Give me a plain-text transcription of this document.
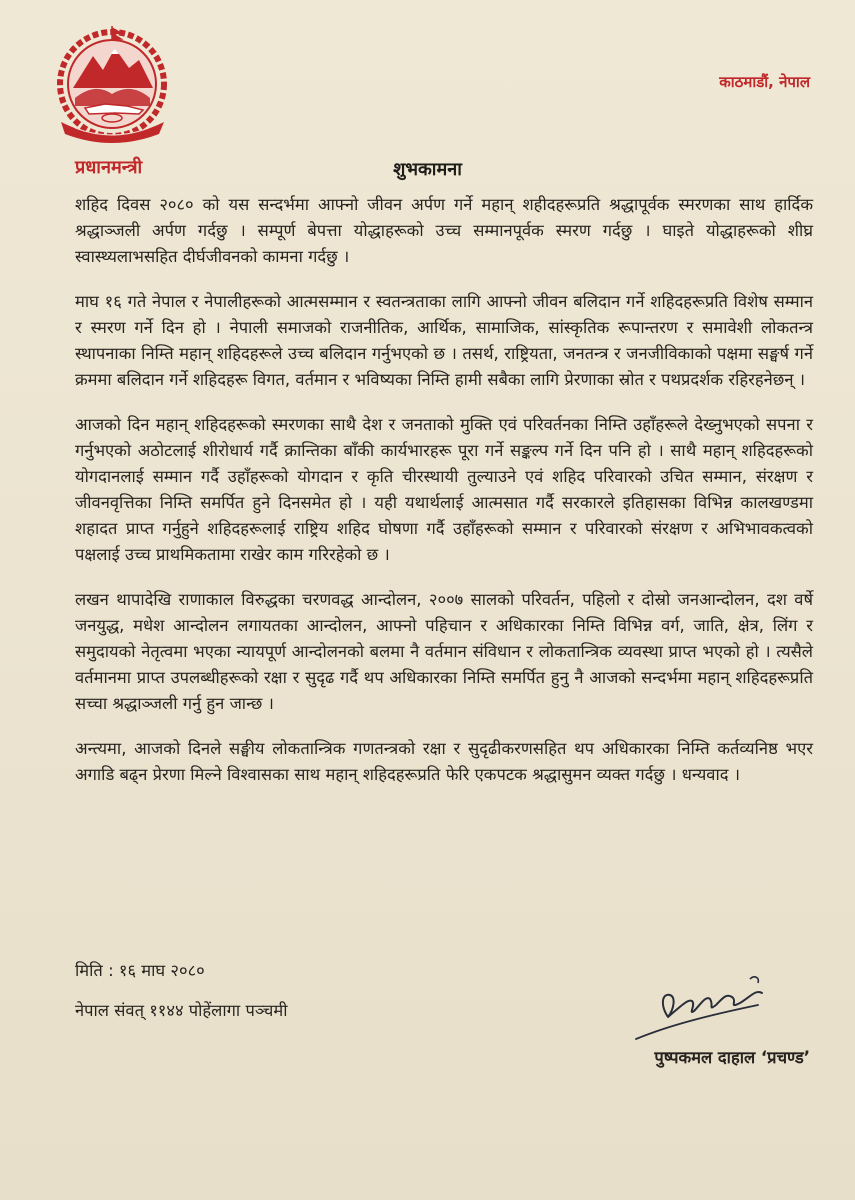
काठमाडौं, नेपाल
प्रधानमन्त्री	शुभकामना

शहिद दिवस २०८० को यस सन्दर्भमा आफ्नो जीवन अर्पण गर्ने महान् शहीदहरूप्रति श्रद्धापूर्वक स्मरणका साथ हार्दिक श्रद्धाञ्जली अर्पण गर्दछु । सम्पूर्ण बेपत्ता योद्धाहरूको उच्च सम्मानपूर्वक स्मरण गर्दछु । घाइते योद्धाहरूको शीघ्र स्वास्थ्यलाभसहित दीर्घजीवनको कामना गर्दछु ।

माघ १६ गते नेपाल र नेपालीहरूको आत्मसम्मान र स्वतन्त्रताका लागि आफ्नो जीवन बलिदान गर्ने शहिदहरूप्रति विशेष सम्मान र स्मरण गर्ने दिन हो । नेपाली समाजको राजनीतिक, आर्थिक, सामाजिक, सांस्कृतिक रूपान्तरण र समावेशी लोकतन्त्र स्थापनाका निम्ति महान् शहिदहरूले उच्च बलिदान गर्नुभएको छ । तसर्थ, राष्ट्रियता, जनतन्त्र र जनजीविकाको पक्षमा सङ्घर्ष गर्ने क्रममा बलिदान गर्ने शहिदहरू विगत, वर्तमान र भविष्यका निम्ति हामी सबैका लागि प्रेरणाका स्रोत र पथप्रदर्शक रहिरहनेछन् ।

आजको दिन महान् शहिदहरूको स्मरणका साथै देश र जनताको मुक्ति एवं परिवर्तनका निम्ति उहाँहरूले देख्नुभएको सपना र गर्नुभएको अठोटलाई शीरोधार्य गर्दै क्रान्तिका बाँकी कार्यभारहरू पूरा गर्ने सङ्कल्प गर्ने दिन पनि हो । साथै महान् शहिदहरूको योगदानलाई सम्मान गर्दै उहाँहरूको योगदान र कृति चीरस्थायी तुल्याउने एवं शहिद परिवारको उचित सम्मान, संरक्षण र जीवनवृत्तिका निम्ति समर्पित हुने दिनसमेत हो । यही यथार्थलाई आत्मसात गर्दै सरकारले इतिहासका विभिन्न कालखण्डमा शहादत प्राप्त गर्नुहुने शहिदहरूलाई राष्ट्रिय शहिद घोषणा गर्दै उहाँहरूको सम्मान र परिवारको संरक्षण र अभिभावकत्वको पक्षलाई उच्च प्राथमिकतामा राखेर काम गरिरहेको छ ।

लखन थापादेखि राणाकाल विरुद्धका चरणवद्ध आन्दोलन, २००७ सालको परिवर्तन, पहिलो र दोस्रो जनआन्दोलन, दश वर्षे जनयुद्ध, मधेश आन्दोलन लगायतका आन्दोलन, आफ्नो पहिचान र अधिकारका निम्ति विभिन्न वर्ग, जाति, क्षेत्र, लिंग र समुदायको नेतृत्वमा भएका न्यायपूर्ण आन्दोलनको बलमा नै वर्तमान संविधान र लोकतान्त्रिक व्यवस्था प्राप्त भएको हो । त्यसैले वर्तमानमा प्राप्त उपलब्धीहरूको रक्षा र सुदृढ गर्दै थप अधिकारका निम्ति समर्पित हुनु नै आजको सन्दर्भमा महान् शहिदहरूप्रति सच्चा श्रद्धाञ्जली गर्नु हुन जान्छ ।

अन्त्यमा, आजको दिनले सङ्घीय लोकतान्त्रिक गणतन्त्रको रक्षा र सुदृढीकरणसहित थप अधिकारका निम्ति कर्तव्यनिष्ठ भएर अगाडि बढ्न प्रेरणा मिल्ने विश्वासका साथ महान् शहिदहरूप्रति फेरि एकपटक श्रद्धासुमन व्यक्त गर्दछु । धन्यवाद ।

मिति : १६ माघ २०८०
नेपाल संवत् ११४४ पोहेंलागा पञ्चमी
पुष्पकमल दाहाल ‘प्रचण्ड’
